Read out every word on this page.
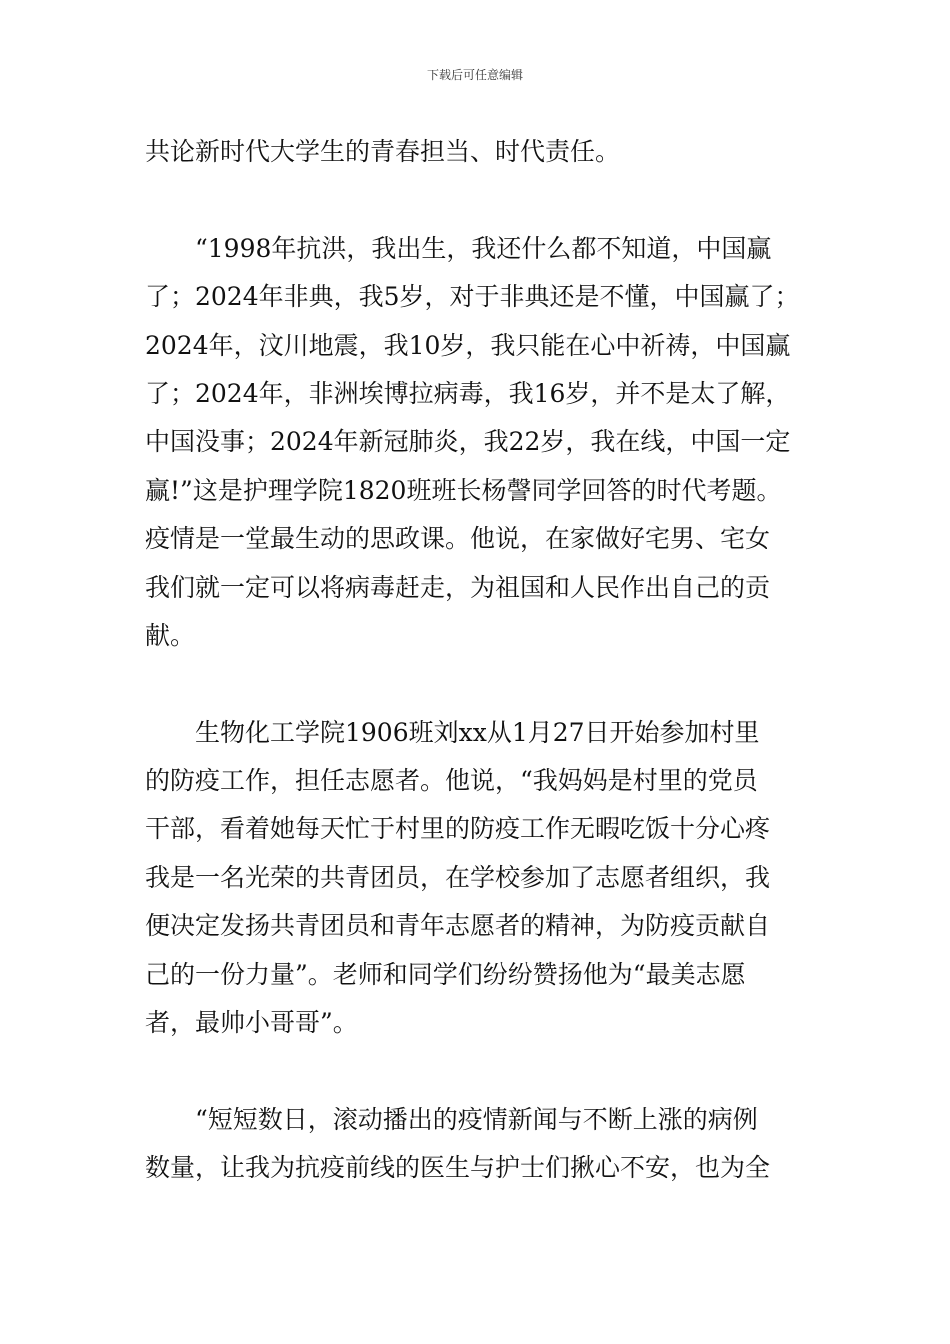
下载后可任意编辑
共论新时代大学生的青春担当、时代责任。
“1998年抗洪，我出生，我还什么都不知道，中国赢
了；2024年非典，我5岁，对于非典还是不懂，中国赢了；
2024年，汶川地震，我10岁，我只能在心中祈祷，中国赢
了；2024年，非洲埃博拉病毒，我16岁，并不是太了解，
中国没事；2024年新冠肺炎，我22岁，我在线，中国一定
赢!”这是护理学院1820班班长杨謦同学回答的时代考题。
疫情是一堂最生动的思政课。他说，在家做好宅男、宅女
我们就一定可以将病毒赶走，为祖国和人民作出自己的贡
献。
生物化工学院1906班刘xx从1月27日开始参加村里
的防疫工作，担任志愿者。他说，“我妈妈是村里的党员
干部，看着她每天忙于村里的防疫工作无暇吃饭十分心疼
我是一名光荣的共青团员，在学校参加了志愿者组织，我
便决定发扬共青团员和青年志愿者的精神，为防疫贡献自
己的一份力量”。老师和同学们纷纷赞扬他为“最美志愿
者，最帅小哥哥”。
“短短数日，滚动播出的疫情新闻与不断上涨的病例
数量，让我为抗疫前线的医生与护士们揪心不安，也为全
